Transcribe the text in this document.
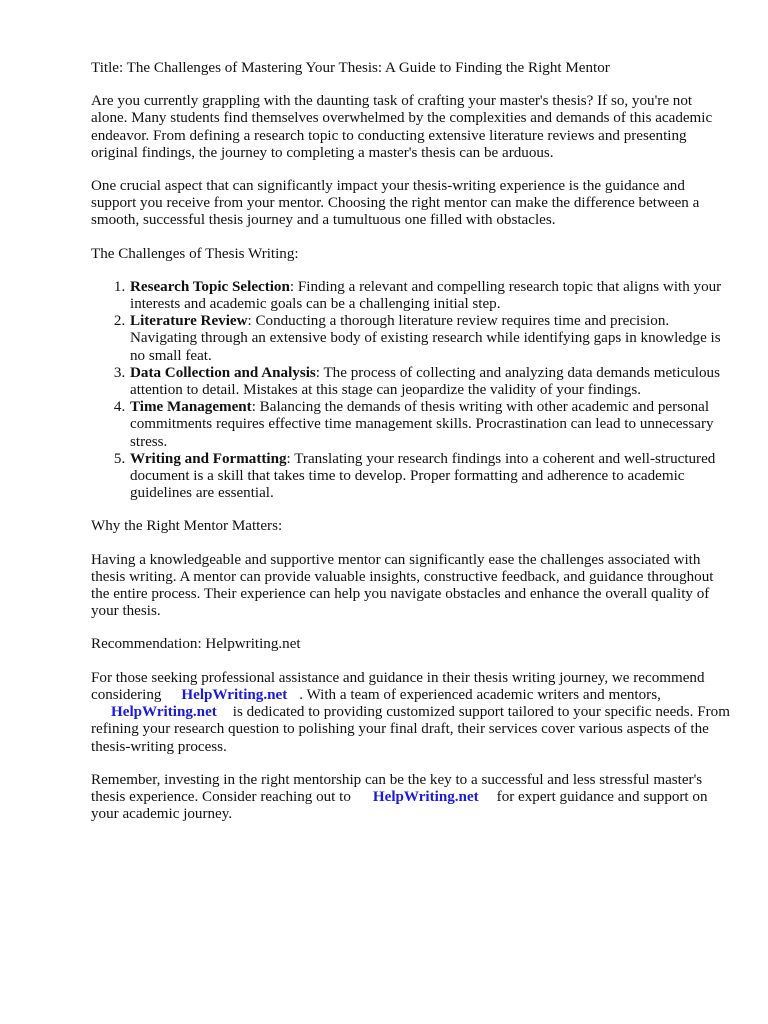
Title: The Challenges of Mastering Your Thesis: A Guide to Finding the Right Mentor

Are you currently grappling with the daunting task of crafting your master's thesis? If so, you're not alone. Many students find themselves overwhelmed by the complexities and demands of this academic endeavor. From defining a research topic to conducting extensive literature reviews and presenting original findings, the journey to completing a master's thesis can be arduous.

One crucial aspect that can significantly impact your thesis-writing experience is the guidance and support you receive from your mentor. Choosing the right mentor can make the difference between a smooth, successful thesis journey and a tumultuous one filled with obstacles.

The Challenges of Thesis Writing:

1. Research Topic Selection: Finding a relevant and compelling research topic that aligns with your interests and academic goals can be a challenging initial step.
2. Literature Review: Conducting a thorough literature review requires time and precision. Navigating through an extensive body of existing research while identifying gaps in knowledge is no small feat.
3. Data Collection and Analysis: The process of collecting and analyzing data demands meticulous attention to detail. Mistakes at this stage can jeopardize the validity of your findings.
4. Time Management: Balancing the demands of thesis writing with other academic and personal commitments requires effective time management skills. Procrastination can lead to unnecessary stress.
5. Writing and Formatting: Translating your research findings into a coherent and well-structured document is a skill that takes time to develop. Proper formatting and adherence to academic guidelines are essential.

Why the Right Mentor Matters:

Having a knowledgeable and supportive mentor can significantly ease the challenges associated with thesis writing. A mentor can provide valuable insights, constructive feedback, and guidance throughout the entire process. Their experience can help you navigate obstacles and enhance the overall quality of your thesis.

Recommendation: Helpwriting.net

For those seeking professional assistance and guidance in their thesis writing journey, we recommend considering HelpWriting.net . With a team of experienced academic writers and mentors, HelpWriting.net is dedicated to providing customized support tailored to your specific needs. From refining your research question to polishing your final draft, their services cover various aspects of the thesis-writing process.

Remember, investing in the right mentorship can be the key to a successful and less stressful master's thesis experience. Consider reaching out to HelpWriting.net for expert guidance and support on your academic journey.
